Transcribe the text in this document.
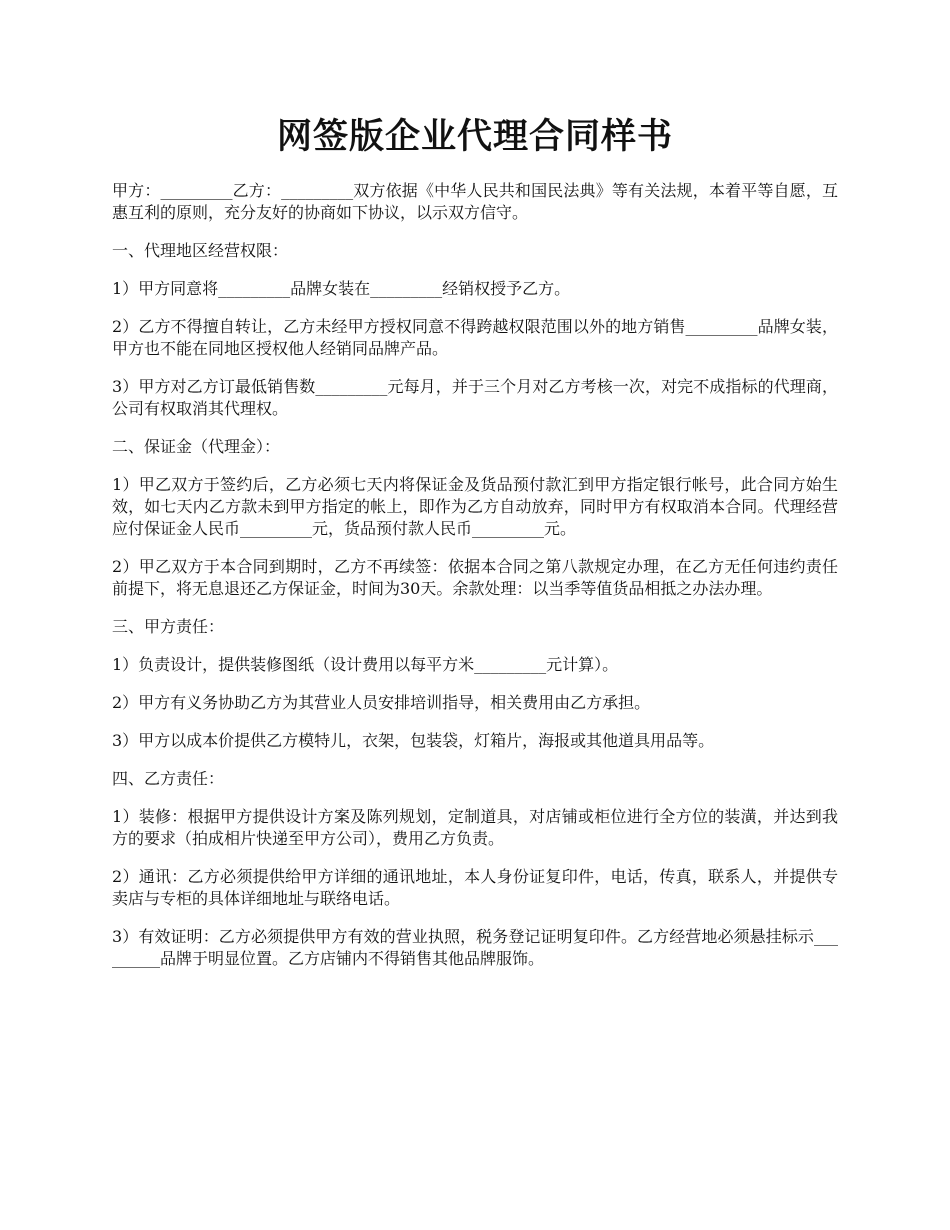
网签版企业代理合同样书

甲方：_________乙方：_________双方依据《中华人民共和国民法典》等有关法规，本着平等自愿，互惠互利的原则，充分友好的协商如下协议，以示双方信守。

一、代理地区经营权限：

1）甲方同意将_________品牌女装在_________经销权授予乙方。

2）乙方不得擅自转让，乙方未经甲方授权同意不得跨越权限范围以外的地方销售_________品牌女装，甲方也不能在同地区授权他人经销同品牌产品。

3）甲方对乙方订最低销售数_________元每月，并于三个月对乙方考核一次，对完不成指标的代理商，公司有权取消其代理权。

二、保证金（代理金）：

1）甲乙双方于签约后，乙方必须七天内将保证金及货品预付款汇到甲方指定银行帐号，此合同方始生效，如七天内乙方款未到甲方指定的帐上，即作为乙方自动放弃，同时甲方有权取消本合同。代理经营应付保证金人民币_________元，货品预付款人民币_________元。

2）甲乙双方于本合同到期时，乙方不再续签：依据本合同之第八款规定办理，在乙方无任何违约责任前提下，将无息退还乙方保证金，时间为30天。余款处理：以当季等值货品相抵之办法办理。

三、甲方责任：

1）负责设计，提供装修图纸（设计费用以每平方米_________元计算）。

2）甲方有义务协助乙方为其营业人员安排培训指导，相关费用由乙方承担。

3）甲方以成本价提供乙方模特儿，衣架，包装袋，灯箱片，海报或其他道具用品等。

四、乙方责任：

1）装修：根据甲方提供设计方案及陈列规划，定制道具，对店铺或柜位进行全方位的装潢，并达到我方的要求（拍成相片快递至甲方公司），费用乙方负责。

2）通讯：乙方必须提供给甲方详细的通讯地址，本人身份证复印件，电话，传真，联系人，并提供专卖店与专柜的具体详细地址与联络电话。

3）有效证明：乙方必须提供甲方有效的营业执照，税务登记证明复印件。乙方经营地必须悬挂标示_________品牌于明显位置。乙方店铺内不得销售其他品牌服饰。
